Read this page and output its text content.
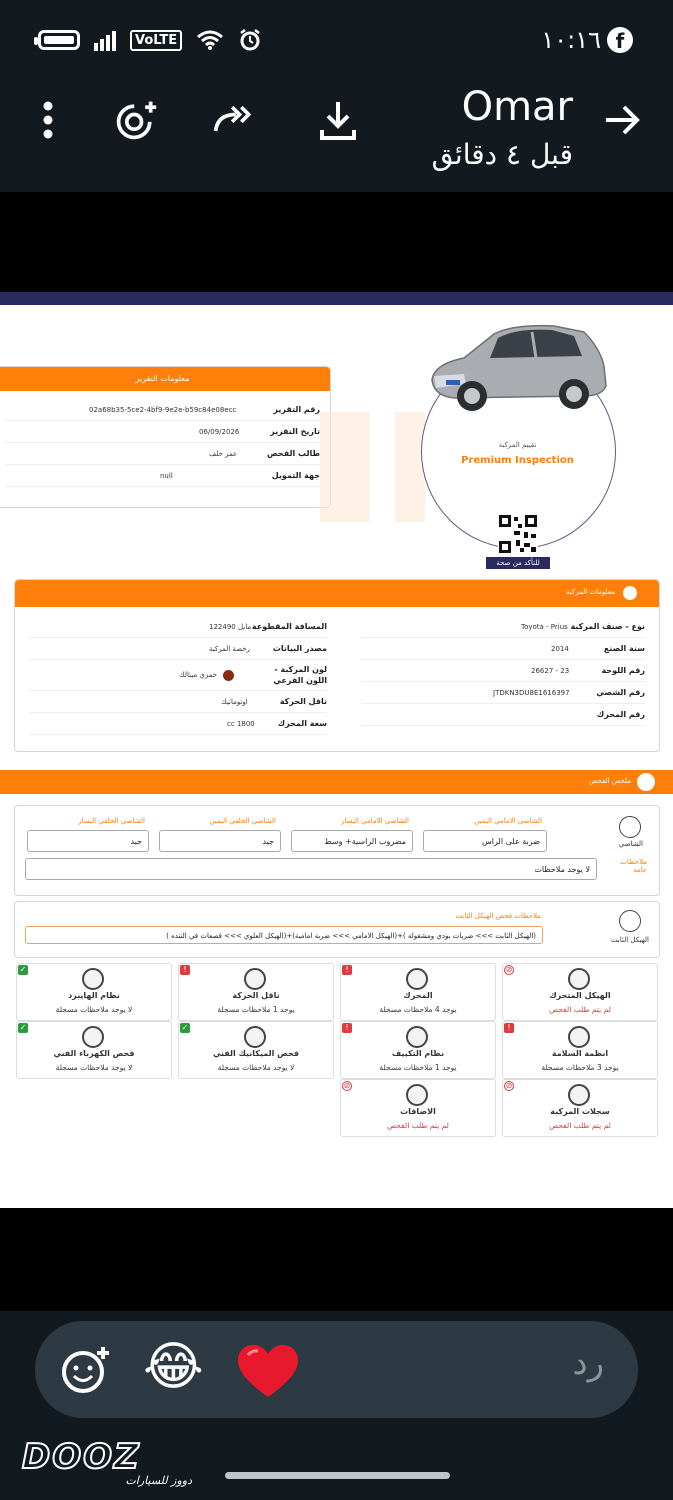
VoLTE	١٠:١٦ f
Omar
قبل ٤ دقائق
معلومات التقرير
02a68b35-5ce2-4bf9-9e2e-b59c84e08ecc	رقم التقرير
06/09/2026	تاريخ التقرير
عمر خلف	طالب الفحص
null	جهة التمويل
تقييم المركبة
Premium Inspection
للتأكد من صحة التقرير
معلومات المركبة
Toyota - Prius نوع - صنف المركبة
2014	سنة الصنع
26627 - 23	رقم اللوحة
JTDKN3DU8E1616397	رقم الشصي
رقم المحرك
122490 مايل المسافة المقطوعة
رخصة المركبة	مصدر البيانات
خمري ميتالك
لون المركبة - اللون الفرعي
اوتوماتيك	ناقل الحركة
cc 1800	سعة المحرك
ملخص الفحص
الشاصي
ملاحظات عامة
الشاصي الامامي اليمين
ضربة على الراس
الشاصي الامامي اليسار
مضروب الراسية+ وسط
الشاصي الخلفي اليمين
جيد
الشاصي الخلفي اليسار
جيد
لا يوجد ملاحظات
الهيكل الثابت
ملاحظات فحص الهيكل الثابت
(الهيكل الثابت >>> ضربات بودي ومشغولة )+(الهيكل الامامي >>> ضربة امامية)+(الهيكل العلوي >>> قصعات في التنده )
⊘
الهيكل المتحرك
لم يتم طلب الفحص
!
المحرك
يوجد 4 ملاحظات مسجلة
!
ناقل الحركة
يوجد 1 ملاحظات مسجلة
✓
نظام الهايبرد
لا يوجد ملاحظات مسجلة
!
انظمة السلامة
يوجد 3 ملاحظات مسجلة
!
نظام التكييف
يوجد 1 ملاحظات مسجلة
✓
فحص الميكانيك الفني
لا يوجد ملاحظات مسجلة
✓
فحص الكهرباء الفني
لا يوجد ملاحظات مسجلة
⊘
سجلات المركبة
لم يتم طلب الفحص
⊘
الاضافات
لم يتم طلب الفحص
😂	رد
DOOZ
دووز للسيارات
